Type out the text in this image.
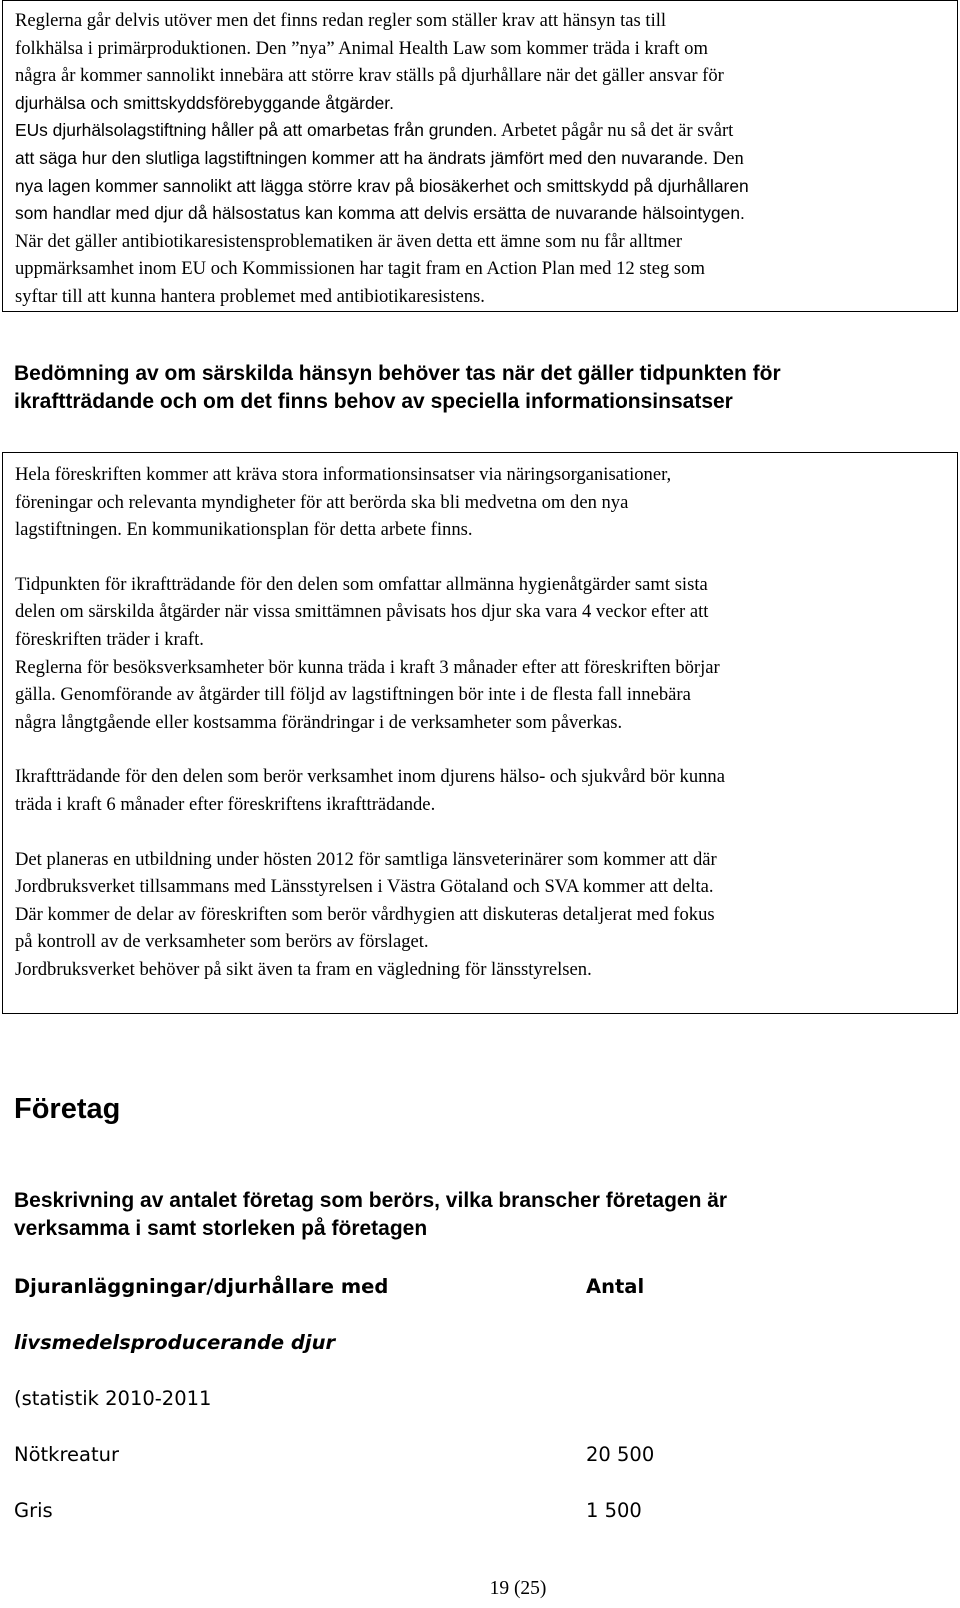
Reglerna går delvis utöver men det finns redan regler som ställer krav att hänsyn tas till

folkhälsa i primärproduktionen. Den ”nya” Animal Health Law som kommer träda i kraft om

några år kommer sannolikt innebära att större krav ställs på djurhållare när det gäller ansvar för

djurhälsa och smittskyddsförebyggande åtgärder.

EUs djurhälsolagstiftning håller på att omarbetas från grunden. Arbetet pågår nu så det är svårt

att säga hur den slutliga lagstiftningen kommer att ha ändrats jämfört med den nuvarande. Den

nya lagen kommer sannolikt att lägga större krav på biosäkerhet och smittskydd på djurhållaren

som handlar med djur då hälsostatus kan komma att delvis ersätta de nuvarande hälsointygen.

När det gäller antibiotikaresistensproblematiken är även detta ett ämne som nu får alltmer

uppmärksamhet inom EU och Kommissionen har tagit fram en Action Plan med 12 steg som

syftar till att kunna hantera problemet med antibiotikaresistens.

Bedömning av om särskilda hänsyn behöver tas när det gäller tidpunkten för
ikraftträdande och om det finns behov av speciella informationsinsatser

Hela föreskriften kommer att kräva stora informationsinsatser via näringsorganisationer,
föreningar och relevanta myndigheter för att berörda ska bli medvetna om den nya
lagstiftningen. En kommunikationsplan för detta arbete finns.

Tidpunkten för ikraftträdande för den delen som omfattar allmänna hygienåtgärder samt sista
delen om särskilda åtgärder när vissa smittämnen påvisats hos djur ska vara 4 veckor efter att
föreskriften träder i kraft.

Reglerna för besöksverksamheter bör kunna träda i kraft 3 månader efter att föreskriften börjar
gälla. Genomförande av åtgärder till följd av lagstiftningen bör inte i de flesta fall innebära
några långtgående eller kostsamma förändringar i de verksamheter som påverkas.

Ikraftträdande för den delen som berör verksamhet inom djurens hälso- och sjukvård bör kunna
träda i kraft 6 månader efter föreskriftens ikraftträdande.

Det planeras en utbildning under hösten 2012 för samtliga länsveterinärer som kommer att där
Jordbruksverket tillsammans med Länsstyrelsen i Västra Götaland och SVA kommer att delta.
Där kommer de delar av föreskriften som berör vårdhygien att diskuteras detaljerat med fokus
på kontroll av de verksamheter som berörs av förslaget.

Jordbruksverket behöver på sikt även ta fram en vägledning för länsstyrelsen.

Företag
Beskrivning av antalet företag som berörs, vilka branscher företagen är
verksamma i samt storleken på företagen
Djuranläggningar/djurhållare med	Antal
livsmedelsproducerande djur
(statistik 2010-2011
Nötkreatur	20 500
Gris	1 500
19 (25)
